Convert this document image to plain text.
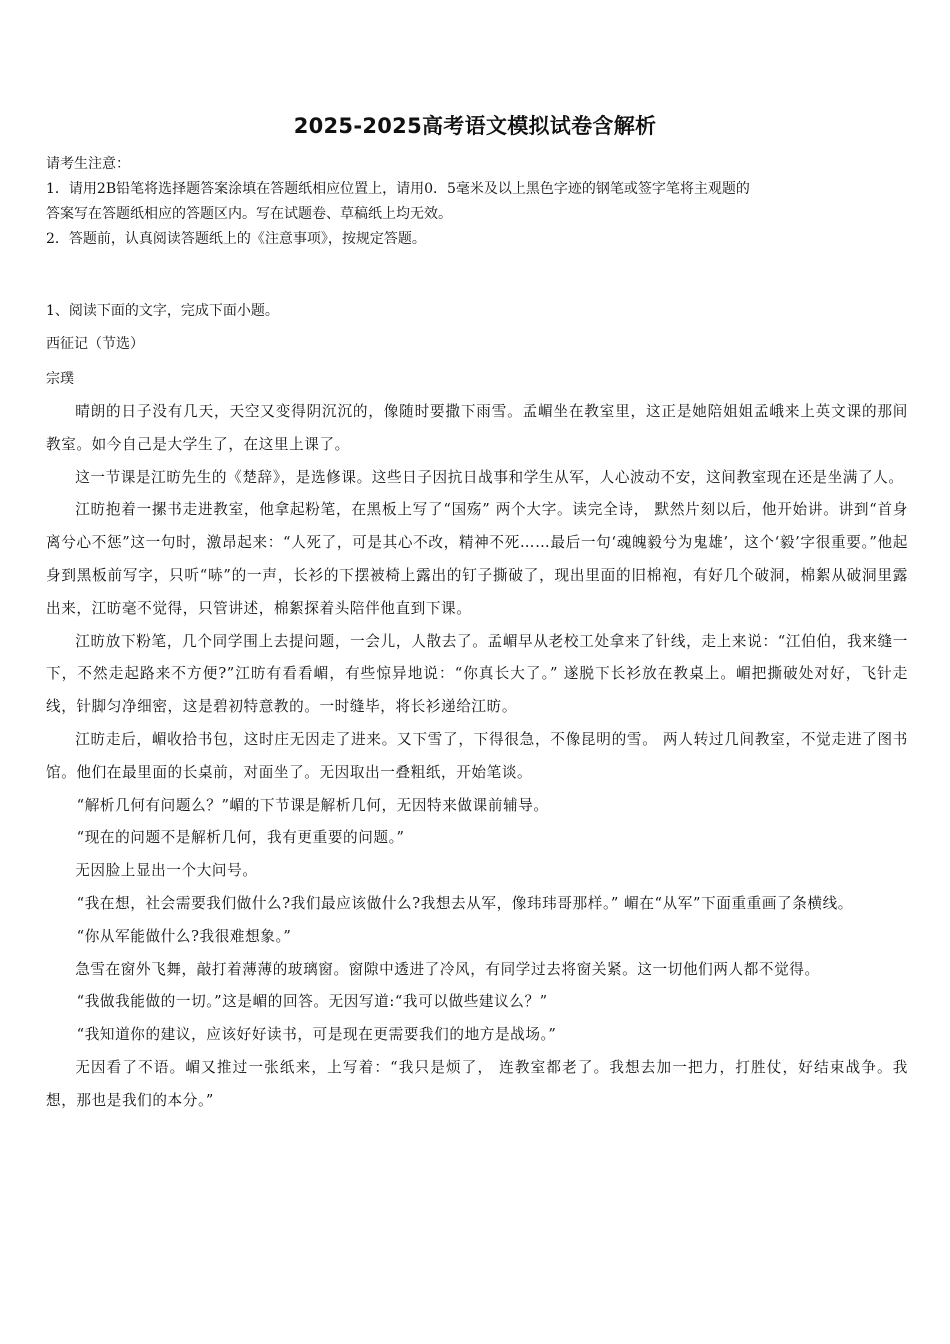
2025-2025高考语文模拟试卷含解析
请考生注意：
1．请用2B铅笔将选择题答案涂填在答题纸相应位置上，请用0．5毫米及以上黑色字迹的钢笔或签字笔将主观题的
答案写在答题纸相应的答题区内。写在试题卷、草稿纸上均无效。
2．答题前，认真阅读答题纸上的《注意事项》，按规定答题。
1、阅读下面的文字，完成下面小题。
西征记（节选）
宗璞

晴朗的日子没有几天，天空又变得阴沉沉的，像随时要撒下雨雪。孟嵋坐在教室里，这正是她陪姐姐孟峨来上英文课的那间教室。如今自己是大学生了，在这里上课了。

这一节课是江昉先生的《楚辞》，是选修课。这些日子因抗日战事和学生从军，人心波动不安，这间教室现在还是坐满了人。

江昉抱着一摞书走进教室，他拿起粉笔，在黑板上写了“国殇” 两个大字。读完全诗， 默然片刻以后，他开始讲。讲到“首身离兮心不惩”这一句时，激昂起来：“人死了，可是其心不改，精神不死……最后一句‘魂魄毅兮为鬼雄’，这个‘毅’字很重要。”他起身到黑板前写字，只听“哧”的一声，长衫的下摆被椅上露出的钉子撕破了，现出里面的旧棉袍，有好几个破洞，棉絮从破洞里露出来，江昉毫不觉得，只管讲述，棉絮探着头陪伴他直到下课。

江昉放下粉笔，几个同学围上去提问题，一会儿，人散去了。孟嵋早从老校工处拿来了针线，走上来说：“江伯伯，我来缝一下，不然走起路来不方便?”江昉有看看嵋，有些惊异地说：“你真长大了。” 遂脱下长衫放在教桌上。嵋把撕破处对好，飞针走线，针脚匀净细密，这是碧初特意教的。一时缝毕，将长衫递给江昉。

江昉走后，嵋收拾书包，这时庄无因走了进来。又下雪了，下得很急，不像昆明的雪。 两人转过几间教室，不觉走进了图书馆。他们在最里面的长桌前，对面坐了。无因取出一叠粗纸，开始笔谈。

“解析几何有问题么？”嵋的下节课是解析几何，无因特来做课前辅导。

“现在的问题不是解析几何，我有更重要的问题。”

无因脸上显出一个大问号。

“我在想，社会需要我们做什么?我们最应该做什么?我想去从军，像玮玮哥那样。” 嵋在“从军”下面重重画了条横线。

“你从军能做什么?我很难想象。”

急雪在窗外飞舞，敲打着薄薄的玻璃窗。窗隙中透进了冷风，有同学过去将窗关紧。这一切他们两人都不觉得。

“我做我能做的一切。”这是嵋的回答。无因写道:“我可以做些建议么？”

“我知道你的建议，应该好好读书，可是现在更需要我们的地方是战场。”

无因看了不语。嵋又推过一张纸来，上写着：“我只是烦了， 连教室都老了。我想去加一把力，打胜仗，好结束战争。我想，那也是我们的本分。”
